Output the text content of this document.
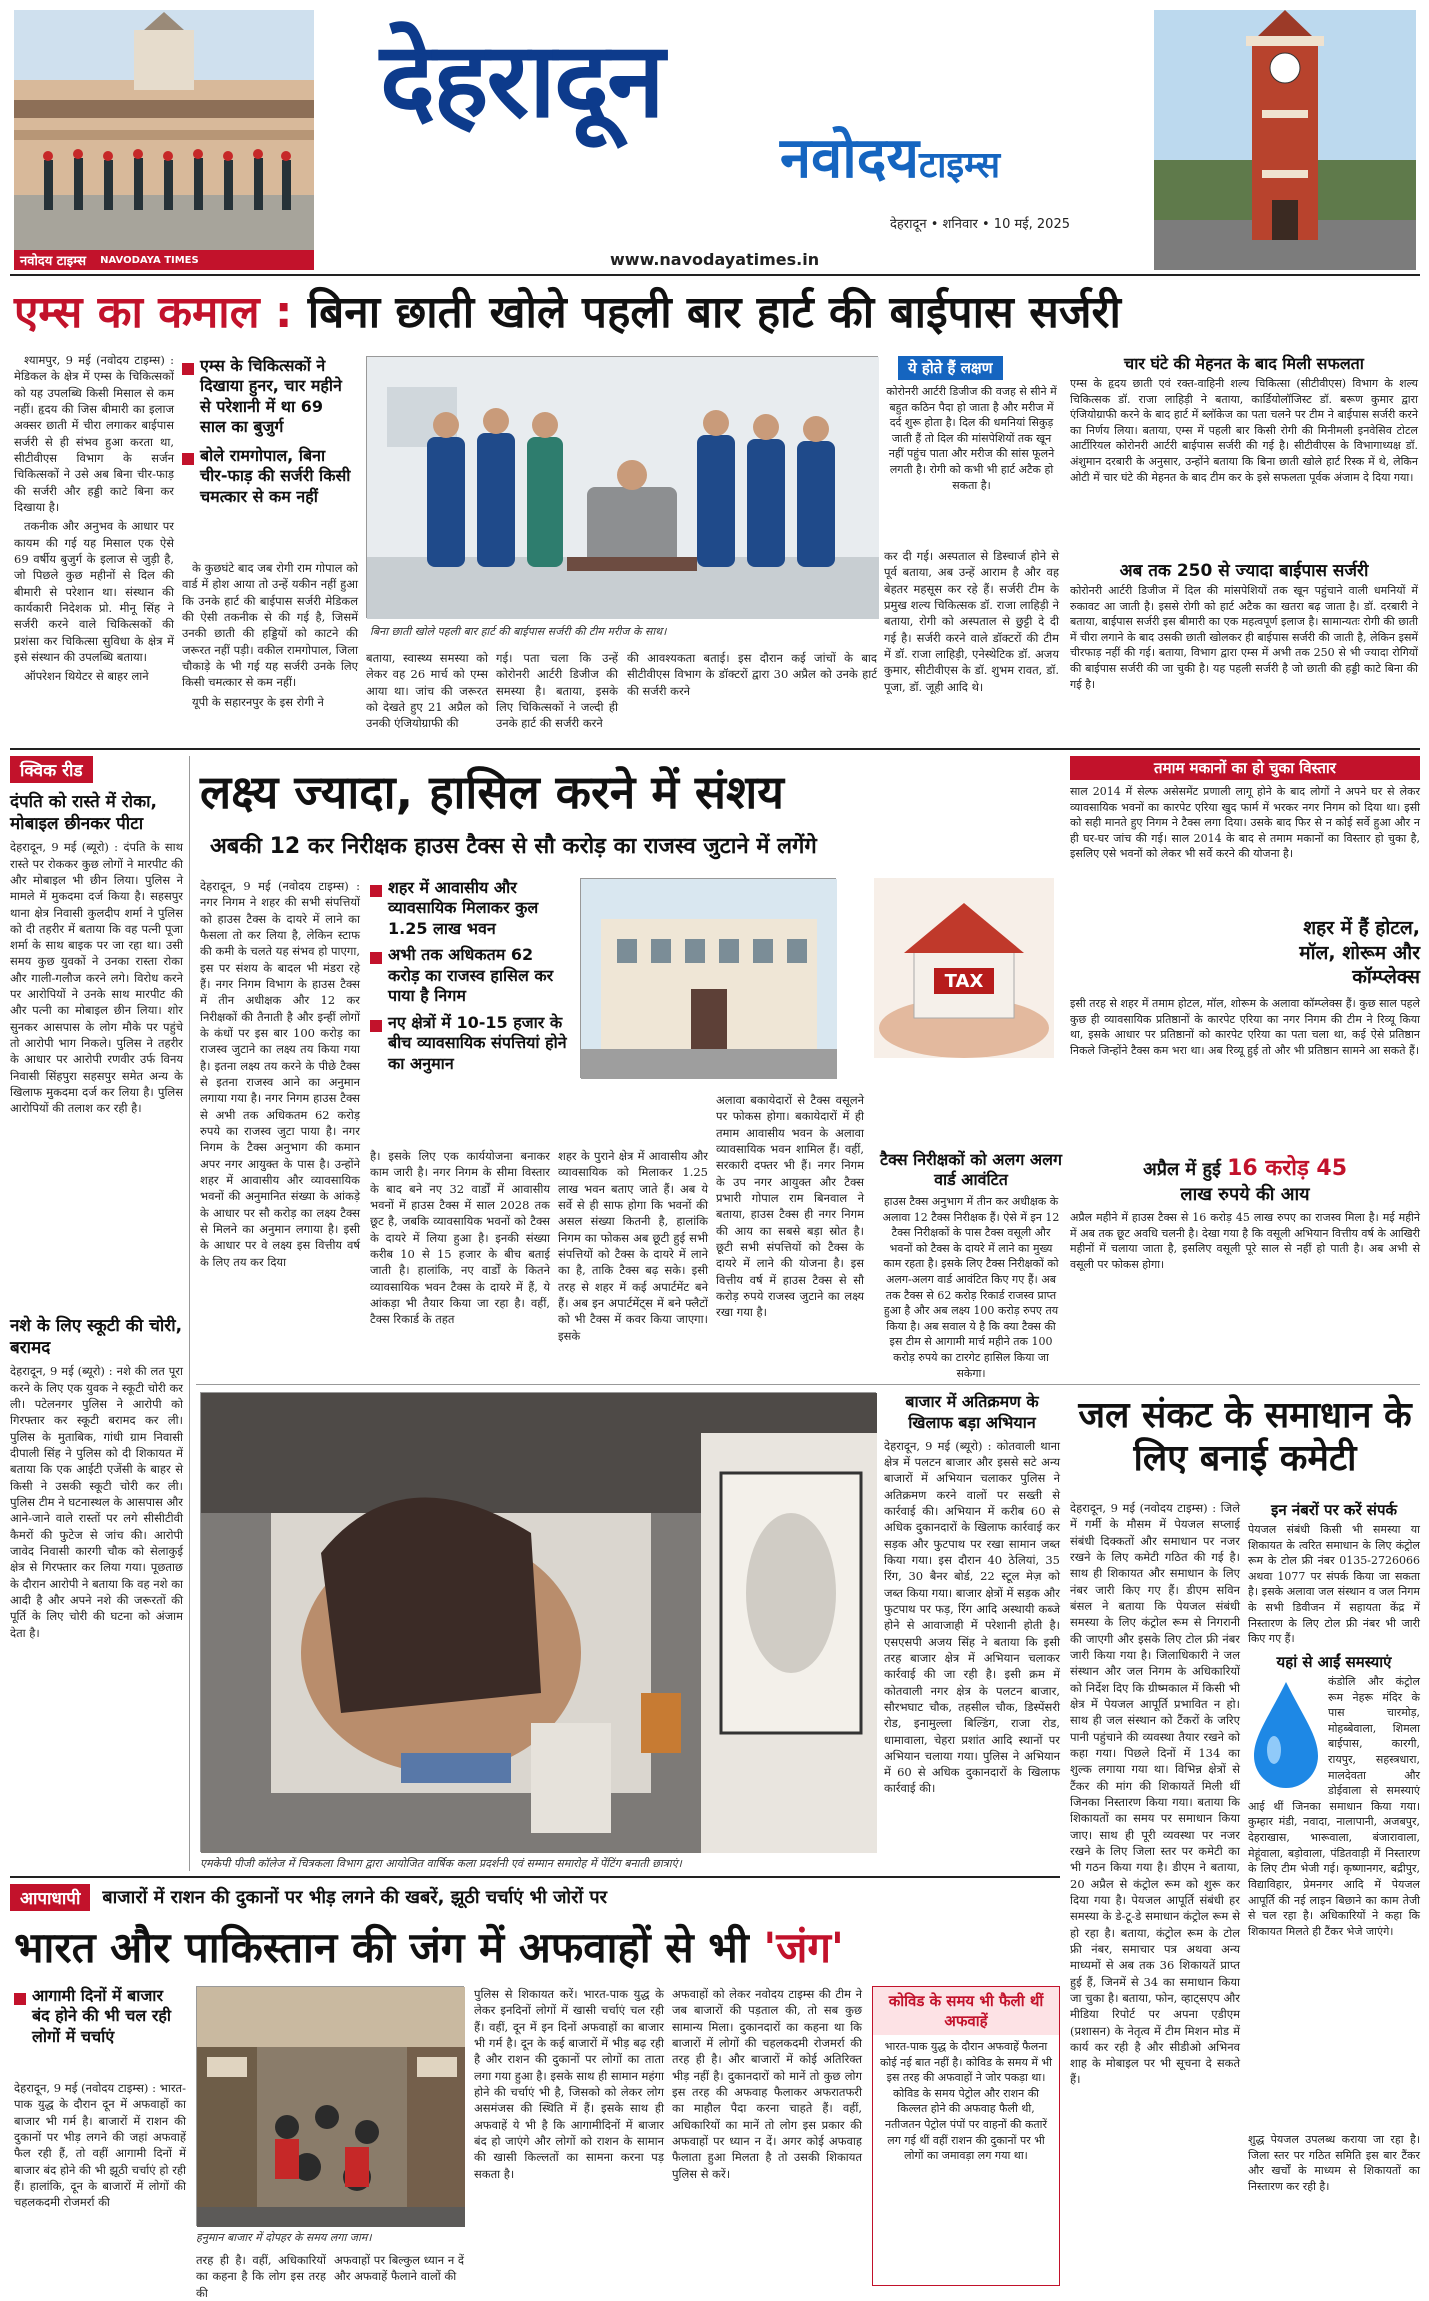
नवोदय टाइम्स NAVODAYA TIMES
देहरादून
नवोदय टाइम्स
देहरादून • शनिवार • 10 मई, 2025
www.navodayatimes.in
एम्स का कमाल : बिना छाती खोले पहली बार हार्ट की बाईपास सर्जरी

श्यामपुर, 9 मई (नवोदय टाइम्स) : मेडिकल के क्षेत्र में एम्स के चिकित्सकों को यह उपलब्धि किसी मिसाल से कम नहीं। हृदय की जिस बीमारी का इलाज अक्सर छाती में चीरा लगाकर बाईपास सर्जरी से ही संभव हुआ करता था, सीटीवीएस विभाग के सर्जन चिकित्सकों ने उसे अब बिना चीर-फाड़ की सर्जरी और हड्डी काटे बिना कर दिखाया है।

तकनीक और अनुभव के आधार पर कायम की गई यह मिसाल एक ऐसे 69 वर्षीय बुजुर्ग के इलाज से जुड़ी है, जो पिछले कुछ महीनों से दिल की बीमारी से परेशान था। संस्थान की कार्यकारी निदेशक प्रो. मीनू सिंह ने सर्जरी करने वाले चिकित्सकों की प्रशंसा कर चिकित्सा सुविधा के क्षेत्र में इसे संस्थान की उपलब्धि बताया।

ऑपरेशन थियेटर से बाहर लाने

एम्स के चिकित्सकों ने दिखाया हुनर, चार महीने से परेशानी में था 69 साल का बुजुर्ग
बोले रामगोपाल, बिना चीर-फाड़ की सर्जरी किसी चमत्कार से कम नहीं

के कुछघंटे बाद जब रोगी राम गोपाल को वार्ड में होश आया तो उन्हें यकीन नहीं हुआ कि उनके हार्ट की बाईपास सर्जरी मेडिकल की ऐसी तकनीक से की गई है, जिसमें उनकी छाती की हड्डियों को काटने की जरूरत नहीं पड़ी। वकील रामगोपाल, जिला चौकाड़े के भी गई यह सर्जरी उनके लिए किसी चमत्कार से कम नहीं।

यूपी के सहारनपुर के इस रोगी ने

बिना छाती खोले पहली बार हार्ट की बाईपास सर्जरी की टीम मरीज के साथ।
ये होते हैं लक्षण
कोरोनरी आर्टरी डिजीज की वजह से सीने में बहुत कठिन पैदा हो जाता है और मरीज में दर्द शुरू होता है। दिल की धमनियां सिकुड़ जाती हैं तो दिल की मांसपेशियों तक खून नहीं पहुंच पाता और मरीज की सांस फूलने लगती है। रोगी को कभी भी हार्ट अटैक हो सकता है।
कर दी गई। अस्पताल से डिस्चार्ज होने से पूर्व बताया, अब उन्हें आराम है और वह बेहतर महसूस कर रहे हैं। सर्जरी टीम के प्रमुख शल्य चिकित्सक डॉ. राजा लाहिड़ी ने बताया, रोगी को अस्पताल से छुट्टी दे दी गई है। सर्जरी करने वाले डॉक्टरों की टीम में डॉ. राजा लाहिड़ी, एनेस्थेटिक डॉ. अजय कुमार, सीटीवीएस के डॉ. शुभम रावत, डॉ. पूजा, डॉ. जूही आदि थे।
बताया, स्वास्थ्य समस्या को लेकर वह 26 मार्च को एम्स आया था। जांच की जरूरत को देखते हुए 21 अप्रैल को उनकी एंजियोग्राफी की
गई। पता चला कि उन्हें कोरोनरी आर्टरी डिजीज की समस्या है। बताया, इसके लिए चिकित्सकों ने जल्दी ही उनके हार्ट की सर्जरी करने
की आवश्यकता बताई। इस दौरान कई जांचों के बाद सीटीवीएस विभाग के डॉक्टरों द्वारा 30 अप्रैल को उनके हार्ट की सर्जरी करने
चार घंटे की मेहनत के बाद मिली सफलता
एम्स के हृदय छाती एवं रक्त-वाहिनी शल्य चिकित्सा (सीटीवीएस) विभाग के शल्य चिकित्सक डॉ. राजा लाहिड़ी ने बताया, कार्डियोलॉजिस्ट डॉ. बरूण कुमार द्वारा एंजियोग्राफी करने के बाद हार्ट में ब्लॉकेज का पता चलने पर टीम ने बाईपास सर्जरी करने का निर्णय लिया। बताया, एम्स में पहली बार किसी रोगी की मिनीमली इनवेसिव टोटल आर्टीरियल कोरोनरी आर्टरी बाईपास सर्जरी की गई है। सीटीवीएस के विभागाध्यक्ष डॉ. अंशुमान दरबारी के अनुसार, उन्होंने बताया कि बिना छाती खोले हार्ट रिस्क में थे, लेकिन ओटी में चार घंटे की मेहनत के बाद टीम कर के इसे सफलता पूर्वक अंजाम दे दिया गया।
अब तक 250 से ज्यादा बाईपास सर्जरी
कोरोनरी आर्टरी डिजीज में दिल की मांसपेशियों तक खून पहुंचाने वाली धमनियों में रुकावट आ जाती है। इससे रोगी को हार्ट अटैक का खतरा बढ़ जाता है। डॉ. दरबारी ने बताया, बाईपास सर्जरी इस बीमारी का एक महत्वपूर्ण इलाज है। सामान्यतः रोगी की छाती में चीरा लगाने के बाद उसकी छाती खोलकर ही बाईपास सर्जरी की जाती है, लेकिन इसमें चीरफाड़ नहीं की गई। बताया, विभाग द्वारा एम्स में अभी तक 250 से भी ज्यादा रोगियों की बाईपास सर्जरी की जा चुकी है। यह पहली सर्जरी है जो छाती की हड्डी काटे बिना की गई है।
क्विक रीड
दंपति को रास्ते में रोका, मोबाइल छीनकर पीटा
देहरादून, 9 मई (ब्यूरो) : दंपति के साथ रास्ते पर रोककर कुछ लोगों ने मारपीट की और मोबाइल भी छीन लिया। पुलिस ने मामले में मुकदमा दर्ज किया है। सहसपुर थाना क्षेत्र निवासी कुलदीप शर्मा ने पुलिस को दी तहरीर में बताया कि वह पत्नी पूजा शर्मा के साथ बाइक पर जा रहा था। उसी समय कुछ युवकों ने उनका रास्ता रोका और गाली-गलौज करने लगे। विरोध करने पर आरोपियों ने उनके साथ मारपीट की और पत्नी का मोबाइल छीन लिया। शोर सुनकर आसपास के लोग मौके पर पहुंचे तो आरोपी भाग निकले। पुलिस ने तहरीर के आधार पर आरोपी रणवीर उर्फ विनय निवासी सिंहपुरा सहसपुर समेत अन्य के खिलाफ मुकदमा दर्ज कर लिया है। पुलिस आरोपियों की तलाश कर रही है।
नशे के लिए स्कूटी की चोरी, बरामद
देहरादून, 9 मई (ब्यूरो) : नशे की लत पूरा करने के लिए एक युवक ने स्कूटी चोरी कर ली। पटेलनगर पुलिस ने आरोपी को गिरफ्तार कर स्कूटी बरामद कर ली। पुलिस के मुताबिक, गांधी ग्राम निवासी दीपाली सिंह ने पुलिस को दी शिकायत में बताया कि एक आईटी एजेंसी के बाहर से किसी ने उसकी स्कूटी चोरी कर ली। पुलिस टीम ने घटनास्थल के आसपास और आने-जाने वाले रास्तों पर लगे सीसीटीवी कैमरों की फुटेज से जांच की। आरोपी जावेद निवासी कारगी चौक को सेलाकुई क्षेत्र से गिरफ्तार कर लिया गया। पूछताछ के दौरान आरोपी ने बताया कि वह नशे का आदी है और अपने नशे की जरूरतों की पूर्ति के लिए चोरी की घटना को अंजाम देता है।
लक्ष्य ज्यादा, हासिल करने में संशय
अबकी 12 कर निरीक्षक हाउस टैक्स से सौ करोड़ का राजस्व जुटाने में लगेंगे
देहरादून, 9 मई (नवोदय टाइम्स) : नगर निगम ने शहर की सभी संपत्तियों को हाउस टैक्स के दायरे में लाने का फैसला तो कर लिया है, लेकिन स्टाफ की कमी के चलते यह संभव हो पाएगा, इस पर संशय के बादल भी मंडरा रहे हैं। नगर निगम विभाग के हाउस टैक्स में तीन अधीक्षक और 12 कर निरीक्षकों की तैनाती है और इन्हीं लोगों के कंधों पर इस बार 100 करोड़ का राजस्व जुटाने का लक्ष्य तय किया गया है। इतना लक्ष्य तय करने के पीछे टैक्स से इतना राजस्व आने का अनुमान लगाया गया है। नगर निगम हाउस टैक्स से अभी तक अधिकतम 62 करोड़ रुपये का राजस्व जुटा पाया है। नगर निगम के टैक्स अनुभाग की कमान अपर नगर आयुक्त के पास है। उन्होंने शहर में आवासीय और व्यावसायिक भवनों की अनुमानित संख्या के आंकड़े के आधार पर सौ करोड़ का लक्ष्य टैक्स से मिलने का अनुमान लगाया है। इसी के आधार पर वे लक्ष्य इस वित्तीय वर्ष के लिए तय कर दिया
शहर में आवासीय और व्यावसायिक मिलाकर कुल 1.25 लाख भवन
अभी तक अधिकतम 62 करोड़ का राजस्व हासिल कर पाया है निगम
नए क्षेत्रों में 10-15 हजार के बीच व्यावसायिक संपत्तियां होने का अनुमान
है। इसके लिए एक कार्ययोजना बनाकर काम जारी है। नगर निगम के सीमा विस्तार के बाद बने नए 32 वार्डों में आवासीय भवनों में हाउस टैक्स में साल 2028 तक छूट है, जबकि व्यावसायिक भवनों को टैक्स के दायरे में लिया हुआ है। इनकी संख्या करीब 10 से 15 हजार के बीच बताई जाती है। हालांकि, नए वार्डों के कितने व्यावसायिक भवन टैक्स के दायरे में हैं, ये आंकड़ा भी तैयार किया जा रहा है। वहीं, टैक्स रिकार्ड के तहत
शहर के पुराने क्षेत्र में आवासीय और व्यावसायिक को मिलाकर 1.25 लाख भवन बताए जाते हैं। अब ये सर्वे से ही साफ होगा कि भवनों की असल संख्या कितनी है, हालांकि निगम का फोकस अब छूटी हुई सभी संपत्तियों को टैक्स के दायरे में लाने का है, ताकि टैक्स बढ़ सके। इसी तरह से शहर में कई अपार्टमेंट बने हैं। अब इन अपार्टमेंट्स में बने फ्लैटों को भी टैक्स में कवर किया जाएगा। इसके
अलावा बकायेदारों से टैक्स वसूलने पर फोकस होगा। बकायेदारों में ही तमाम आवासीय भवन के अलावा व्यावसायिक भवन शामिल हैं। वहीं, सरकारी दफ्तर भी हैं। नगर निगम के उप नगर आयुक्त और टैक्स प्रभारी गोपाल राम बिनवाल ने बताया, हाउस टैक्स ही नगर निगम की आय का सबसे बड़ा स्रोत है। छूटी सभी संपत्तियों को टैक्स के दायरे में लाने की योजना है। इस वित्तीय वर्ष में हाउस टैक्स से सौ करोड़ रुपये राजस्व जुटाने का लक्ष्य रखा गया है।
TAX
टैक्स निरीक्षकों को अलग अलग वार्ड आवंटित
हाउस टैक्स अनुभाग में तीन कर अधीक्षक के अलावा 12 टैक्स निरीक्षक हैं। ऐसे में इन 12 टैक्स निरीक्षकों के पास टैक्स वसूली और भवनों को टैक्स के दायरे में लाने का मुख्य काम रहता है। इसके लिए टैक्स निरीक्षकों को अलग-अलग वार्ड आवंटित किए गए हैं। अब तक टैक्स से 62 करोड़ रिकार्ड राजस्व प्राप्त हुआ है और अब लक्ष्य 100 करोड़ रुपए तय किया है। अब सवाल ये है कि क्या टैक्स की इस टीम से आगामी मार्च महीने तक 100 करोड़ रुपये का टारगेट हासिल किया जा सकेगा।
तमाम मकानों का हो चुका विस्तार
साल 2014 में सेल्फ असेसमेंट प्रणाली लागू होने के बाद लोगों ने अपने घर से लेकर व्यावसायिक भवनों का कारपेट एरिया खुद फार्म में भरकर नगर निगम को दिया था। इसी को सही मानते हुए निगम ने टैक्स लगा दिया। उसके बाद फिर से न कोई सर्वे हुआ और न ही घर-घर जांच की गई। साल 2014 के बाद से तमाम मकानों का विस्तार हो चुका है, इसलिए एसे भवनों को लेकर भी सर्वे करने की योजना है।
शहर में हैं होटल, मॉल, शोरूम और कॉम्प्लेक्स
इसी तरह से शहर में तमाम होटल, मॉल, शोरूम के अलावा कॉम्प्लेक्स हैं। कुछ साल पहले कुछ ही व्यावसायिक प्रतिष्ठानों के कारपेट एरिया का नगर निगम की टीम ने रिव्यू किया था, इसके आधार पर प्रतिष्ठानों को कारपेट एरिया का पता चला था, कई ऐसे प्रतिष्ठान निकले जिन्होंने टैक्स कम भरा था। अब रिव्यू हुई तो और भी प्रतिष्ठान सामने आ सकते हैं।
अप्रैल में हुई 16 करोड़ 45
लाख रुपये की आय
अप्रैल महीने में हाउस टैक्स से 16 करोड़ 45 लाख रुपए का राजस्व मिला है। मई महीने में अब तक छूट अवधि चलनी है। देखा गया है कि वसूली अभियान वित्तीय वर्ष के आखिरी महीनों में चलाया जाता है, इसलिए वसूली पूरे साल से नहीं हो पाती है। अब अभी से वसूली पर फोकस होगा।
एमकेपी पीजी कॉलेज में चित्रकला विभाग द्वारा आयोजित वार्षिक कला प्रदर्शनी एवं सम्मान समारोह में पेंटिंग बनाती छात्राएं।
बाजार में अतिक्रमण के खिलाफ बड़ा अभियान
देहरादून, 9 मई (ब्यूरो) : कोतवाली थाना क्षेत्र में पलटन बाजार और इससे सटे अन्य बाजारों में अभियान चलाकर पुलिस ने अतिक्रमण करने वालों पर सख्ती से कार्रवाई की। अभियान में करीब 60 से अधिक दुकानदारों के खिलाफ कार्रवाई कर सड़क और फुटपाथ पर रखा सामान जब्त किया गया। इस दौरान 40 ठेलियां, 35 रिंग, 30 बैनर बोर्ड, 22 स्टूल मेज़ को जब्त किया गया। बाजार क्षेत्रों में सड़क और फुटपाथ पर फड़, रिंग आदि अस्थायी कब्जे होने से आवाजाही में परेशानी होती है। एसएसपी अजय सिंह ने बताया कि इसी तरह बाजार क्षेत्र में अभियान चलाकर कार्रवाई की जा रही है। इसी क्रम में कोतवाली नगर क्षेत्र के पलटन बाजार, सौरभघाट चौक, तहसील चौक, डिस्पेंसरी रोड, इनामुल्ला बिल्डिंग, राजा रोड, धामावाला, चेहरा प्रशांत आदि स्थानों पर अभियान चलाया गया। पुलिस ने अभियान में 60 से अधिक दुकानदारों के खिलाफ कार्रवाई की।
जल संकट के समाधान के लिए बनाई कमेटी
देहरादून, 9 मई (नवोदय टाइम्स) : जिले में गर्मी के मौसम में पेयजल सप्लाई संबंधी दिक्कतों और समाधान पर नजर रखने के लिए कमेटी गठित की गई है। साथ ही शिकायत और समाधान के लिए नंबर जारी किए गए हैं। डीएम सविन बंसल ने बताया कि पेयजल संबंधी समस्या के लिए कंट्रोल रूम से निगरानी की जाएगी और इसके लिए टोल फ्री नंबर जारी किया गया है। जिलाधिकारी ने जल संस्थान और जल निगम के अधिकारियों को निर्देश दिए कि ग्रीष्मकाल में किसी भी क्षेत्र में पेयजल आपूर्ति प्रभावित न हो। साथ ही जल संस्थान को टैंकरों के जरिए पानी पहुंचाने की व्यवस्था तैयार रखने को कहा गया। पिछले दिनों में 134 का शुल्क लगाया गया था। विभिन्न क्षेत्रों से टैंकर की मांग की शिकायतें मिली थीं जिनका निस्तारण किया गया। बताया कि शिकायतों का समय पर समाधान किया जाए। साथ ही पूरी व्यवस्था पर नजर रखने के लिए जिला स्तर पर कमेटी का भी गठन किया गया है। डीएम ने बताया, 20 अप्रैल से कंट्रोल रूम को शुरू कर दिया गया है। पेयजल आपूर्ति संबंधी हर समस्या के डे-टू-डे समाधान कंट्रोल रूम से हो रहा है। बताया, कंट्रोल रूम के टोल फ्री नंबर, समाचार पत्र अथवा अन्य माध्यमों से अब तक 36 शिकायतें प्राप्त हुई हैं, जिनमें से 34 का समाधान किया जा चुका है। बताया, फोन, व्हाट्सएप और मीडिया रिपोर्ट पर अपना एडीएम (प्रशासन) के नेतृत्व में टीम मिशन मोड में कार्य कर रही है और सीडीओ अभिनव शाह के मोबाइल पर भी सूचना दे सकते हैं।
इन नंबरों पर करें संपर्क
पेयजल संबंधी किसी भी समस्या या शिकायत के त्वरित समाधान के लिए कंट्रोल रूम के टोल फ्री नंबर 0135-2726066 अथवा 1077 पर संपर्क किया जा सकता है। इसके अलावा जल संस्थान व जल निगम के सभी डिवीजन में सहायता केंद्र में निस्तारण के लिए टोल फ्री नंबर भी जारी किए गए हैं।
यहां से आईं समस्याएं
कंडोलि और कंट्रोल रूम नेहरू मंदिर के पास चारमोड़, मोहब्बेवाला, शिमला बाईपास, कारगी, रायपुर, सहस्त्रधारा, मालदेवता और डोईवाला से समस्याएं आई थीं जिनका समाधान किया गया। कुम्हार मंडी, नवादा, नालापानी, अजबपुर, देहराखास, भारूवाला, बंजारावाला, मेहूंवाला, बड़ोवाला, पंडितवाड़ी में निस्तारण के लिए टीम भेजी गई। कृष्णानगर, बद्रीपुर, विद्याविहार, प्रेमनगर आदि में पेयजल आपूर्ति की नई लाइन बिछाने का काम तेजी से चल रहा है। अधिकारियों ने कहा कि शिकायत मिलते ही टैंकर भेजे जाएंगे।
शुद्ध पेयजल उपलब्ध कराया जा रहा है। जिला स्तर पर गठित समिति इस बार टैंकर और खर्चों के माध्यम से शिकायतों का निस्तारण कर रही है।
आपाधापी	बाजारों में राशन की दुकानों पर भीड़ लगने की खबरें, झूठी चर्चाएं भी जोरों पर
भारत और पाकिस्तान की जंग में अफवाहों से भी 'जंग'
आगामी दिनों में बाजार बंद होने की भी चल रही लोगों में चर्चाएं
देहरादून, 9 मई (नवोदय टाइम्स) : भारत-पाक युद्ध के दौरान दून में अफवाहों का बाजार भी गर्म है। बाजारों में राशन की दुकानों पर भीड़ लगने की जहां अफवाहें फैल रही हैं, तो वहीं आगामी दिनों में बाजार बंद होने की भी झूठी चर्चाएं हो रही हैं। हालांकि, दून के बाजारों में लोगों की चहलकदमी रोजमर्रा की
हनुमान बाजार में दोपहर के समय लगा जाम।
तरह ही है। वहीं, अधिकारियों का कहना है कि लोग इस तरह की
अफवाहों पर बिल्कुल ध्यान न दें और अफवाहें फैलाने वालों की
पुलिस से शिकायत करें। भारत-पाक युद्ध के लेकर इनदिनों लोगों में खासी चर्चाएं चल रही हैं। वहीं, दून में इन दिनों अफवाहों का बाजार भी गर्म है। दून के कई बाजारों में भीड़ बढ़ रही है और राशन की दुकानों पर लोगों का ताता लगा गया हुआ है। इसके साथ ही सामान महंगा होने की चर्चाएं भी है, जिसको को लेकर लोग असमंजस की स्थिति में हैं। इसके साथ ही अफवाहें ये भी है कि आगामीदिनों में बाजार बंद हो जाएंगे और लोगों को राशन के सामान की खासी किल्लतों का सामना करना पड़ सकता है।
अफवाहों को लेकर नवोदय टाइम्स की टीम ने जब बाजारों की पड़ताल की, तो सब कुछ सामान्य मिला। दुकानदारों का कहना था कि बाजारों में लोगों की चहलकदमी रोजमर्रा की तरह ही है। और बाजारों में कोई अतिरिक्त भीड़ नहीं है। दुकानदारों को मानें तो कुछ लोग इस तरह की अफवाह फैलाकर अफरातफरी का माहौल पैदा करना चाहते हैं। वहीं, अधिकारियों का मानें तो लोग इस प्रकार की अफवाहों पर ध्यान न दें। अगर कोई अफवाह फैलाता हुआ मिलता है तो उसकी शिकायत पुलिस से करें।
कोविड के समय भी फैली थीं अफवाहें
भारत-पाक युद्ध के दौरान अफवाहें फैलना कोई नई बात नहीं है। कोविड के समय में भी इस तरह की अफवाहों ने जोर पकड़ा था। कोविड के समय पेट्रोल और राशन की किल्लत होने की अफवाह फैली थी, नतीजतन पेट्रोल पंपों पर वाहनों की कतारें लग गई थीं वहीं राशन की दुकानों पर भी लोगों का जमावड़ा लग गया था।
